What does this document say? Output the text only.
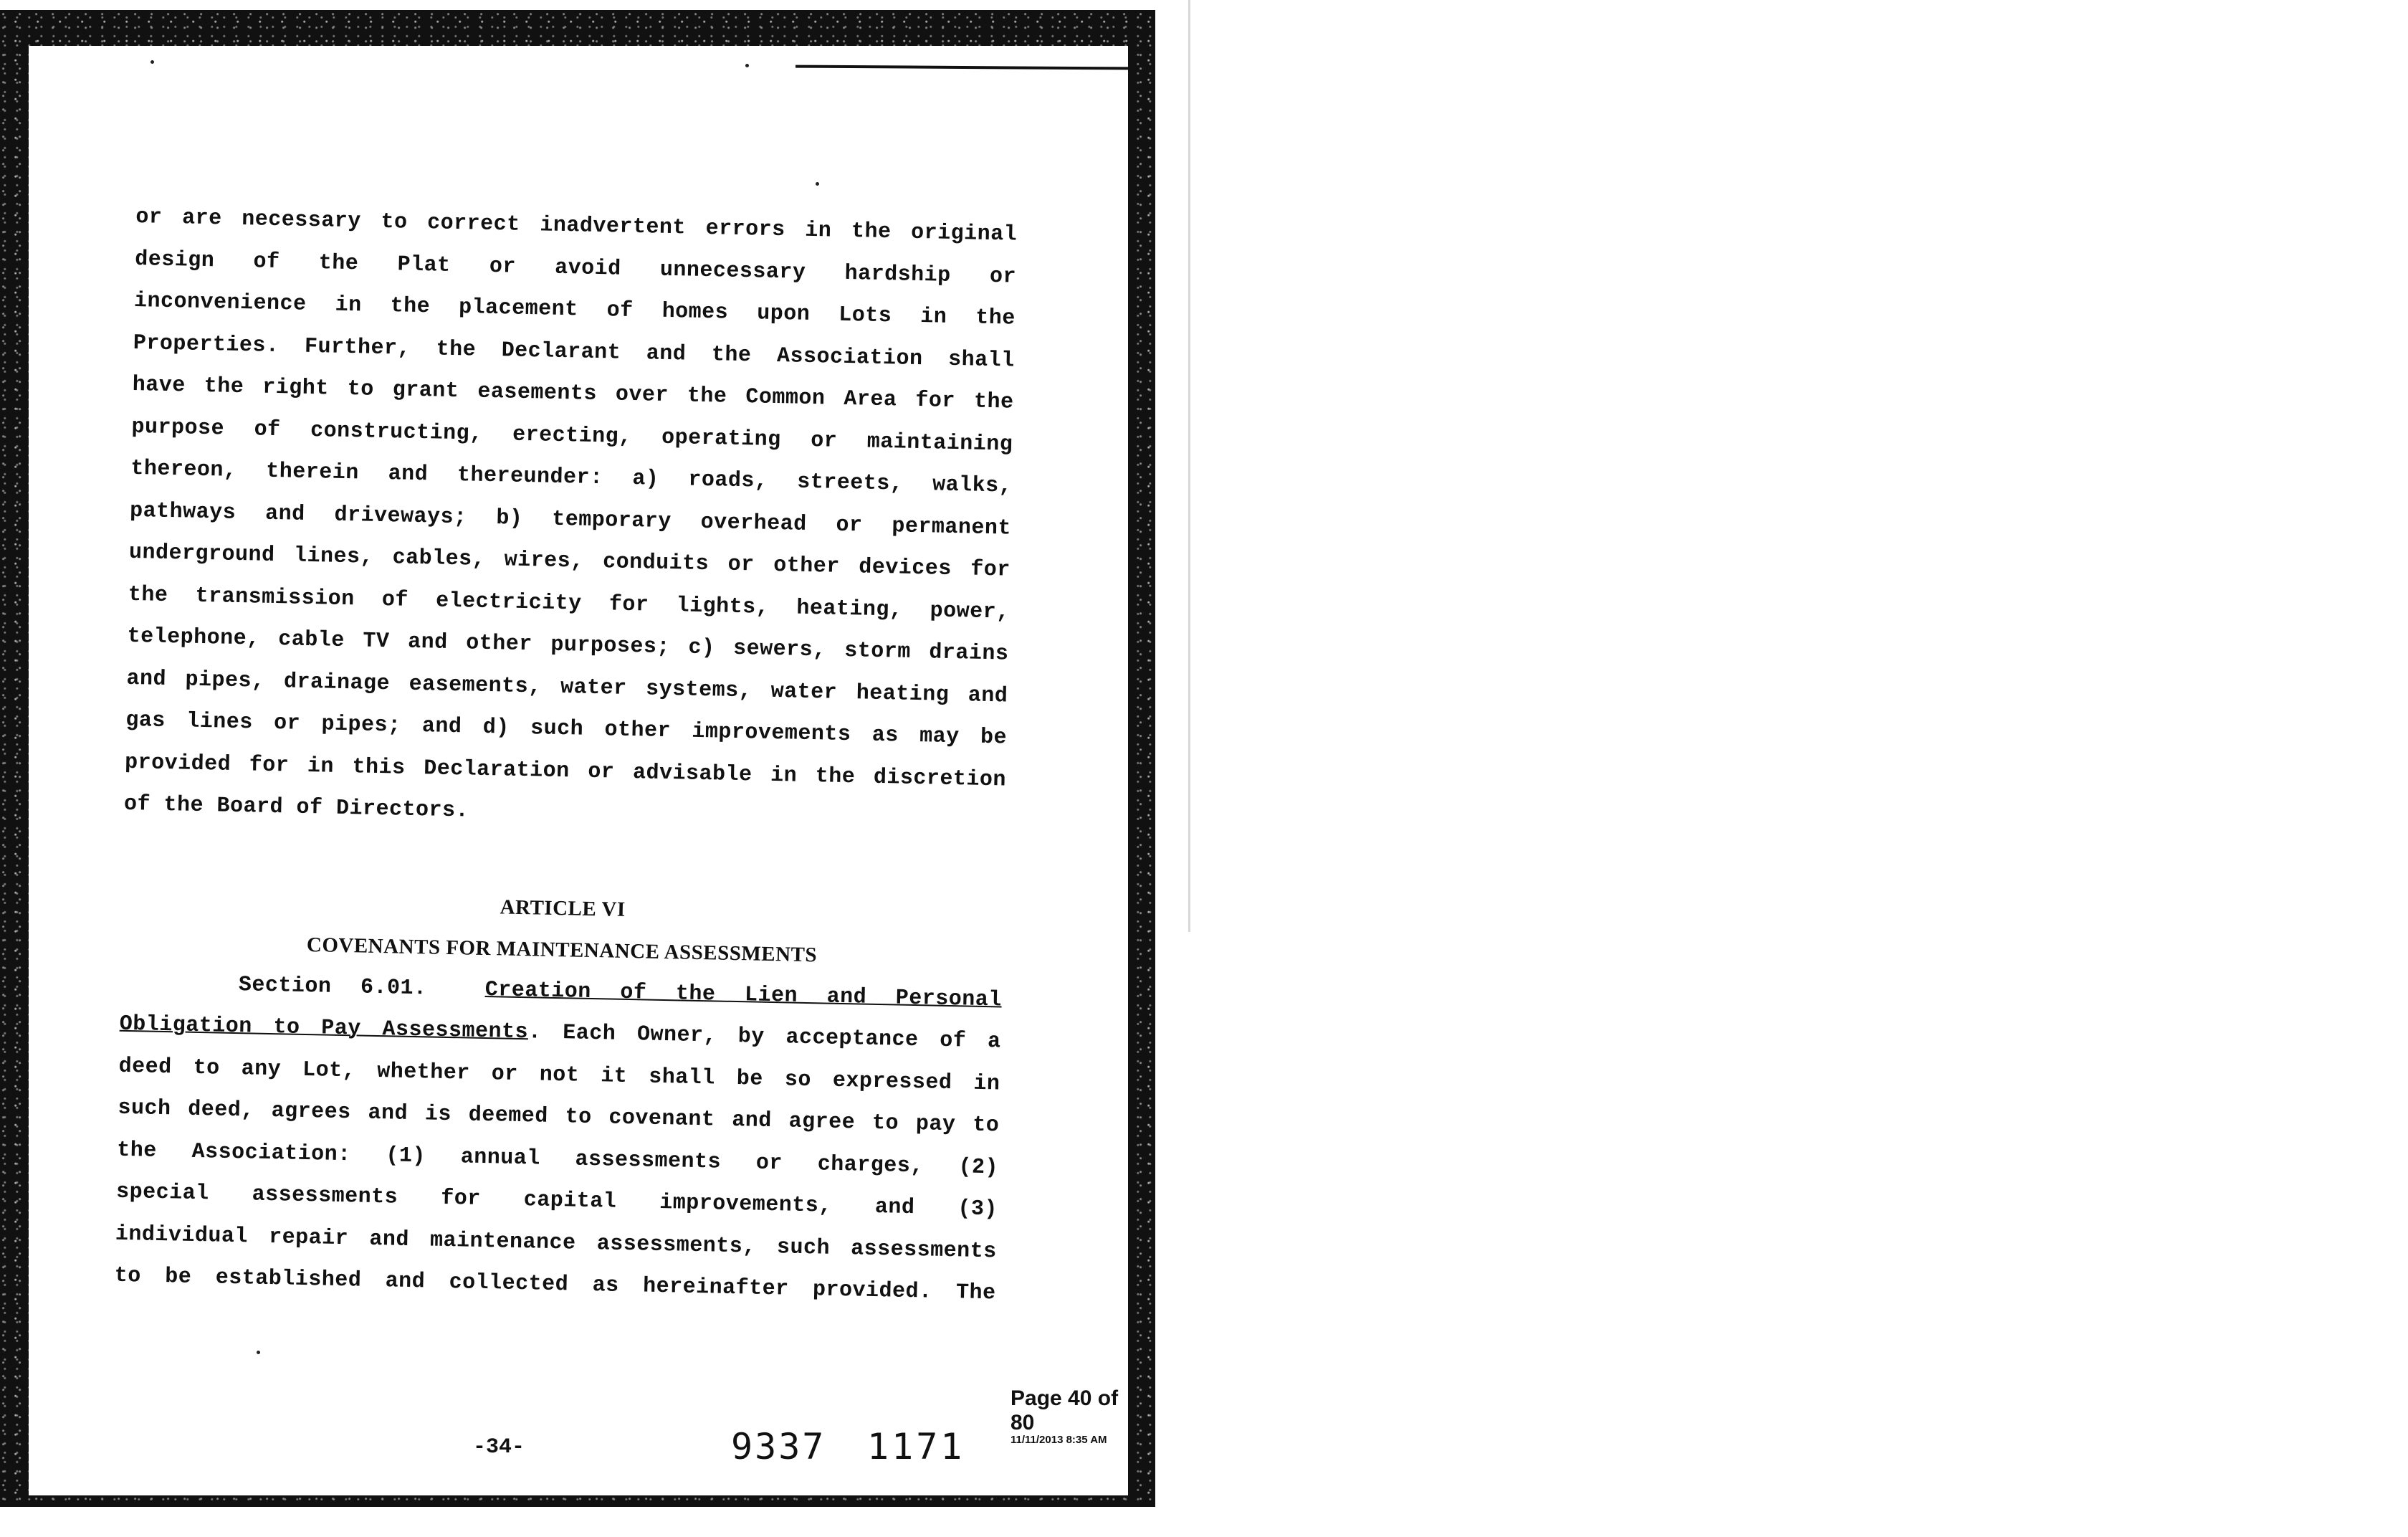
or are necessary to correct inadvertent errors in the original
design of the Plat or avoid unnecessary hardship or
inconvenience in the placement of homes upon Lots in the
Properties. Further, the Declarant and the Association shall
have the right to grant easements over the Common Area for the
purpose of constructing, erecting, operating or maintaining
thereon, therein and thereunder: a) roads, streets, walks,
pathways and driveways; b) temporary overhead or permanent
underground lines, cables, wires, conduits or other devices for
the transmission of electricity for lights, heating, power,
telephone, cable TV and other purposes; c) sewers, storm drains
and pipes, drainage easements, water systems, water heating and
gas lines or pipes; and d) such other improvements as may be
provided for in this Declaration or advisable in the discretion
of the Board of Directors.
ARTICLE VI
COVENANTS FOR MAINTENANCE ASSESSMENTS
Section 6.01.	Creation of the Lien and Personal
Obligation to Pay Assessments. Each Owner, by acceptance of a
deed to any Lot, whether or not it shall be so expressed in
such deed, agrees and is deemed to covenant and agree to pay to
the Association: (1) annual assessments or charges, (2)
special assessments for capital improvements, and (3)
individual repair and maintenance assessments, such assessments
to be established and collected as hereinafter provided. The
Page 40 of 80
11/11/2013 8:35 AM
-34-	9337 1171
